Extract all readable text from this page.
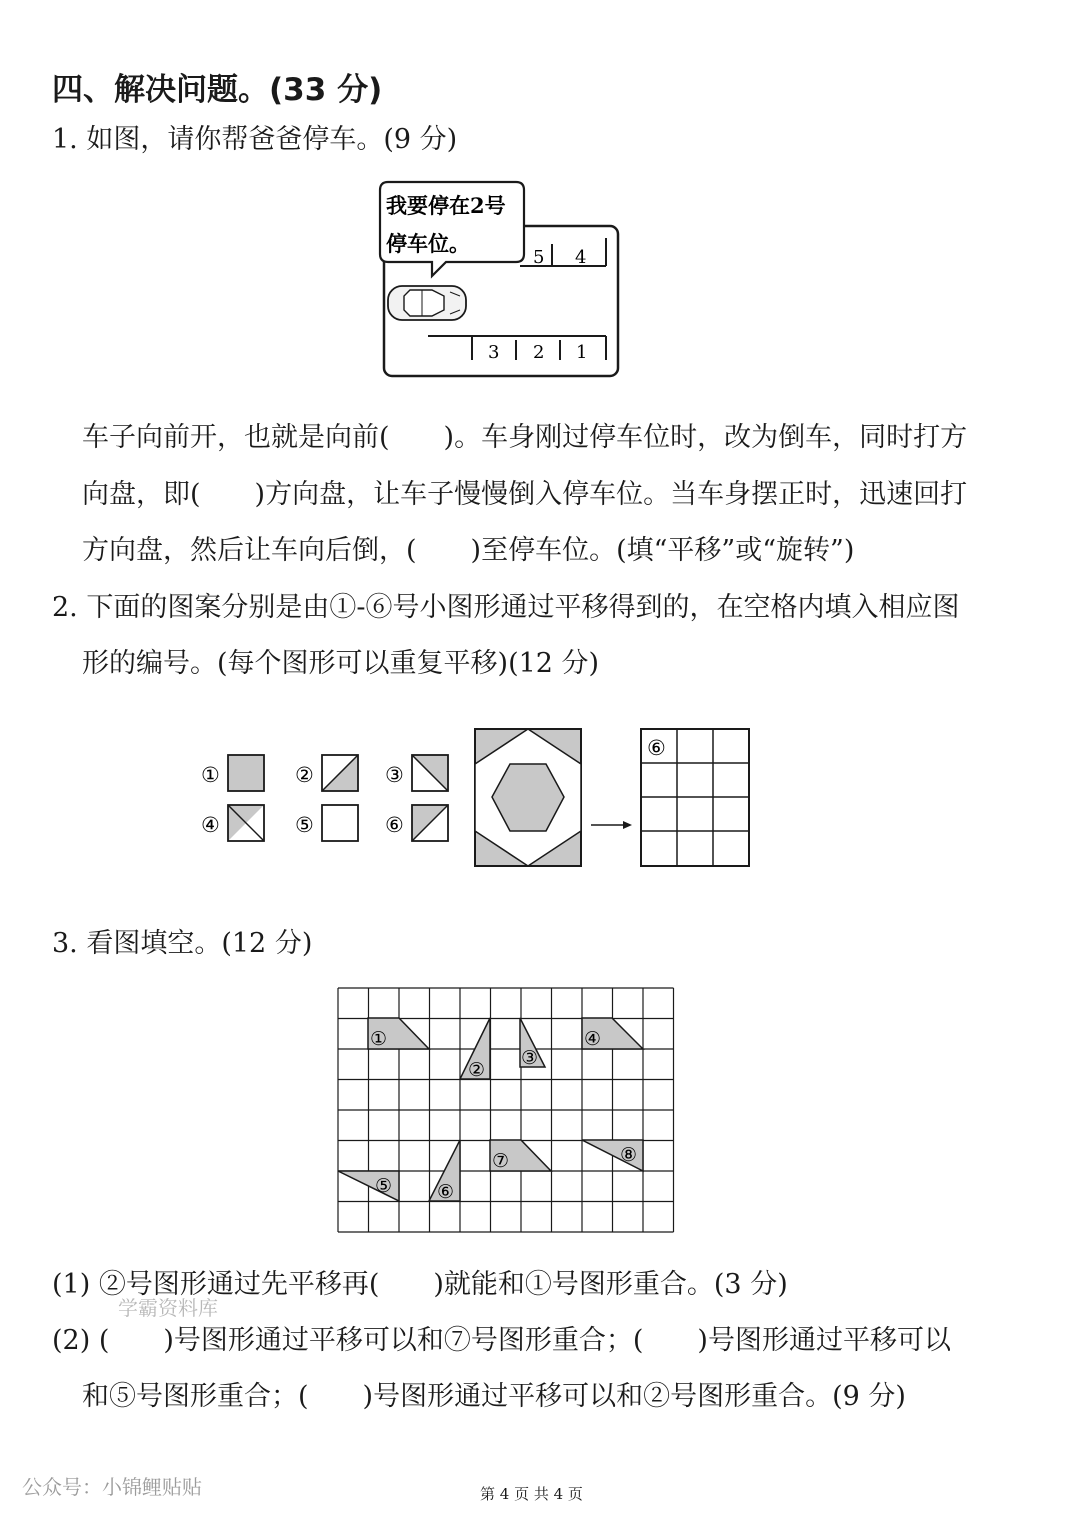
四、解决问题。(33 分)
1. 如图，请你帮爸爸停车。(9 分)
5 4
3 2 1
我要停在2号
停车位。
车子向前开，也就是向前(　　)。车身刚过停车位时，改为倒车，同时打方
向盘，即(　　)方向盘，让车子慢慢倒入停车位。当车身摆正时，迅速回打
方向盘，然后让车向后倒，(　　)至停车位。(填“平移”或“旋转”)
2. 下面的图案分别是由①-⑥号小图形通过平移得到的，在空格内填入相应图
形的编号。(每个图形可以重复平移)(12 分)
①	②	③
④	⑤	⑥
⑥
3. 看图填空。(12 分)
①
②
③
④
⑤ ⑥
⑦	⑧
(1) ②号图形通过先平移再(　　)就能和①号图形重合。(3 分)
学霸资料库
(2) (　　)号图形通过平移可以和⑦号图形重合；(　　)号图形通过平移可以
和⑤号图形重合；(　　)号图形通过平移可以和②号图形重合。(9 分)
公众号：小锦鲤贴贴	第 4 页 共 4 页
